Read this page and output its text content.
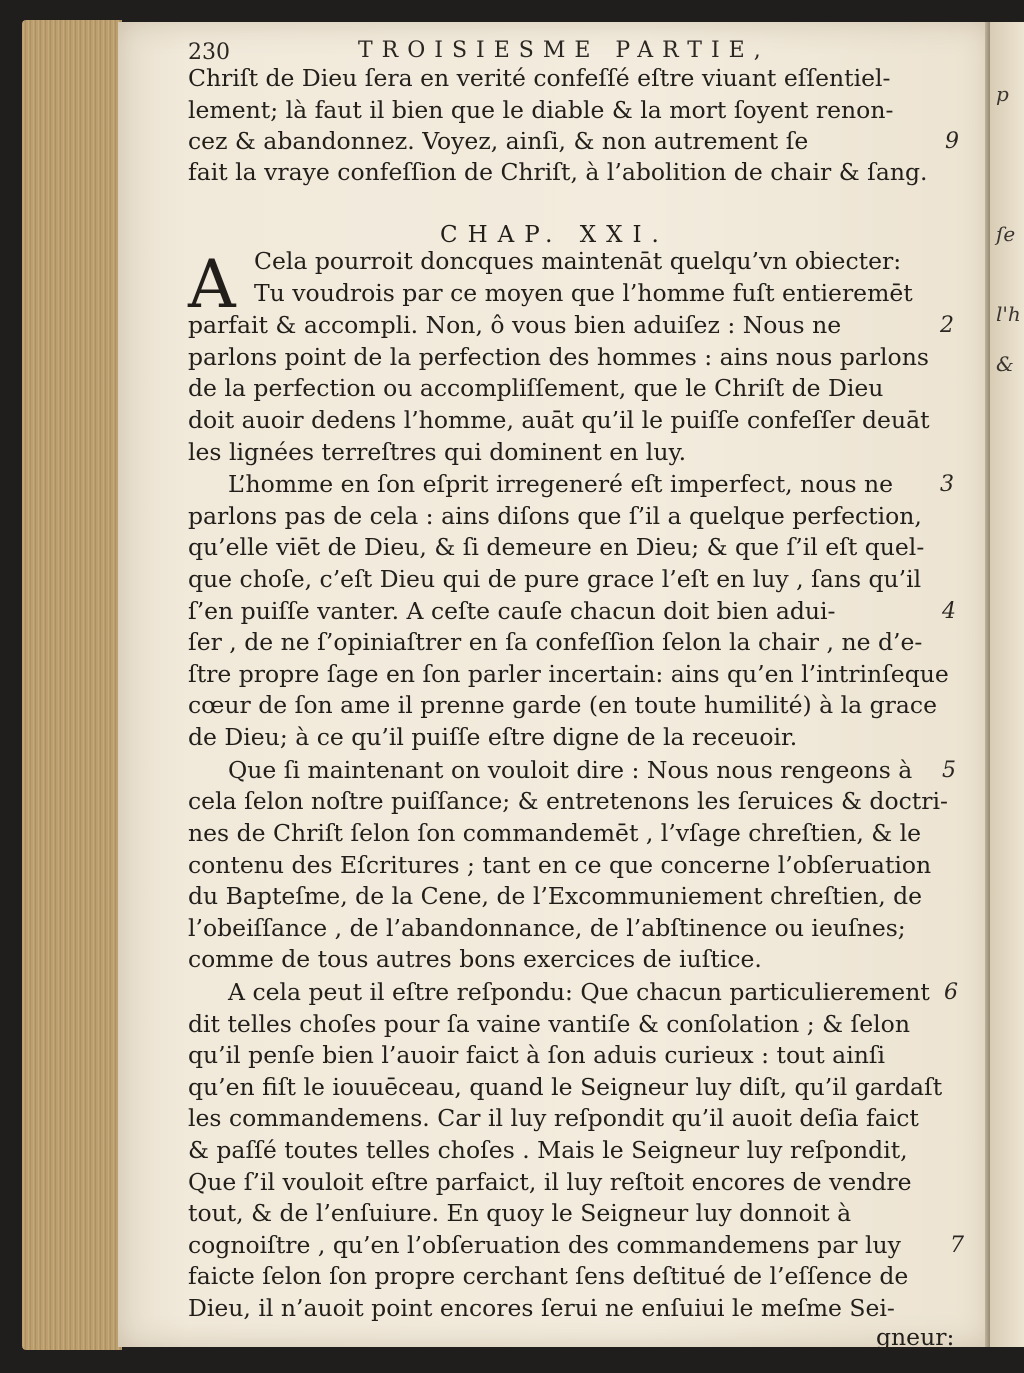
p
ſe
l'h
&
230	TROISIESME PARTIE,
CHAP. XXI.
A
Chriſt de Dieu ſera en verité confeſſé eſtre viuant eſſentiel-
lement; là faut il bien que le diable & la mort ſoyent renon-
cez & abandonnez. Voyez, ainſi, & non autrement ſe
fait la vraye confeſſion de Chriſt, à l’abolition de chair & ſang.
Cela pourroit doncques maintenāt quelqu’vn obiecter:
Tu voudrois par ce moyen que l’homme fuſt entieremēt
parfait & accompli. Non, ô vous bien aduiſez : Nous ne
parlons point de la perfection des hommes : ains nous parlons
de la perfection ou accompliſſement, que le Chriſt de Dieu
doit auoir dedens l’homme, auāt qu’il le puiſſe confeſſer deuāt
les lignées terreſtres qui dominent en luy.
L’homme en ſon eſprit irregeneré eſt imperfect, nous ne
parlons pas de cela : ains diſons que ſ’il a quelque perfection,
qu’elle viēt de Dieu, & ſi demeure en Dieu; & que ſ’il eſt quel-
que choſe, c’eſt Dieu qui de pure grace l’eſt en luy , ſans qu’il
ſ’en puiſſe vanter. A ceſte cauſe chacun doit bien adui-
ſer , de ne ſ’opiniaſtrer en ſa confeſſion ſelon la chair , ne d’e-
ſtre propre ſage en ſon parler incertain: ains qu’en l’intrinſeque
cœur de ſon ame il prenne garde (en toute humilité) à la grace
de Dieu; à ce qu’il puiſſe eſtre digne de la receuoir.
Que ſi maintenant on vouloit dire : Nous nous rengeons à
cela ſelon noſtre puiſſance; & entretenons les ſeruices & doctri-
nes de Chriſt ſelon ſon commandemēt , l’vſage chreſtien, & le
contenu des Eſcritures ; tant en ce que concerne l’obſeruation
du Bapteſme, de la Cene, de l’Excommuniement chreſtien, de
l’obeiſſance , de l’abandonnance, de l’abſtinence ou ieuſnes;
comme de tous autres bons exercices de iuſtice.
A cela peut il eſtre reſpondu: Que chacun particulierement
dit telles choſes pour ſa vaine vantiſe & conſolation ; & ſelon
qu’il penſe bien l’auoir faict à ſon aduis curieux : tout ainſi
qu’en fiſt le iouuēceau, quand le Seigneur luy diſt, qu’il gardaſt
les commandemens. Car il luy reſpondit qu’il auoit deſia faict
& paſſé toutes telles choſes . Mais le Seigneur luy reſpondit,
Que ſ’il vouloit eſtre parfaict, il luy reſtoit encores de vendre
tout, & de l’enſuiure. En quoy le Seigneur luy donnoit à
cognoiſtre , qu’en l’obſeruation des commandemens par luy
faicte ſelon ſon propre cerchant ſens deſtitué de l’eſſence de
Dieu, il n’auoit point encores ſerui ne enſuiui le meſme Sei-
gneur:
9
2
3
4
5
6
7
